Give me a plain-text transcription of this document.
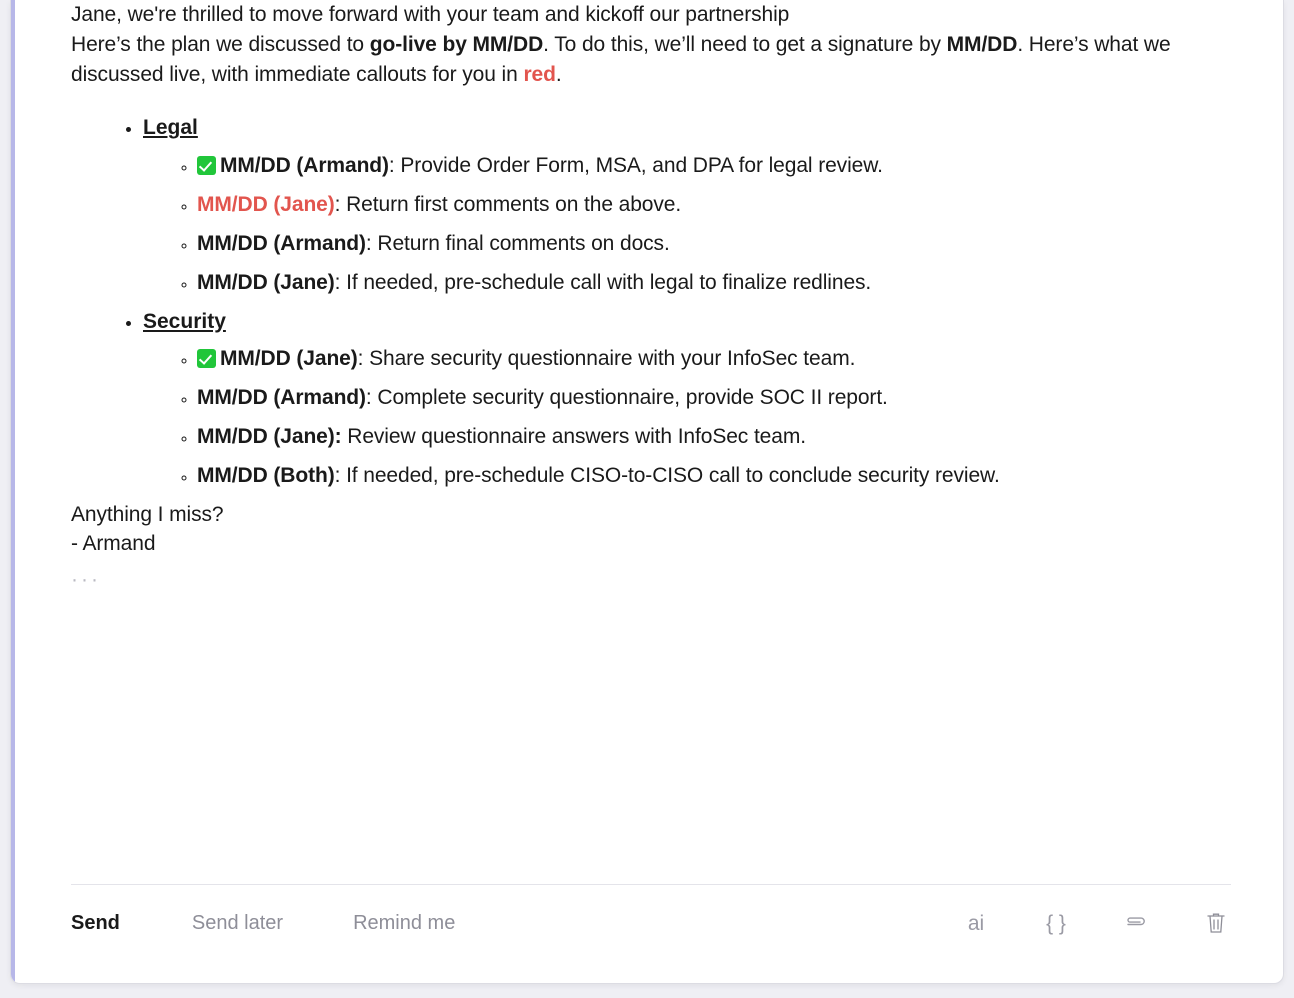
Jane, we're thrilled to move forward with your team and kickoff our partnership

Here’s the plan we discussed to go-live by MM/DD. To do this, we’ll need to get a signature by MM/DD. Here’s what we discussed live, with immediate callouts for you in red.

• Legal
◦ MM/DD (Armand): Provide Order Form, MSA, and DPA for legal review.
◦ MM/DD (Jane): Return first comments on the above.
◦ MM/DD (Armand): Return final comments on docs.
◦ MM/DD (Jane): If needed, pre-schedule call with legal to finalize redlines.
• Security
◦ MM/DD (Jane): Share security questionnaire with your InfoSec team.
◦ MM/DD (Armand): Complete security questionnaire, provide SOC II report.
◦ MM/DD (Jane): Review questionnaire answers with InfoSec team.
◦ MM/DD (Both): If needed, pre-schedule CISO-to-CISO call to conclude security review.

Anything I miss?

- Armand

···
Send	Send later	Remind me	ai	{ }
